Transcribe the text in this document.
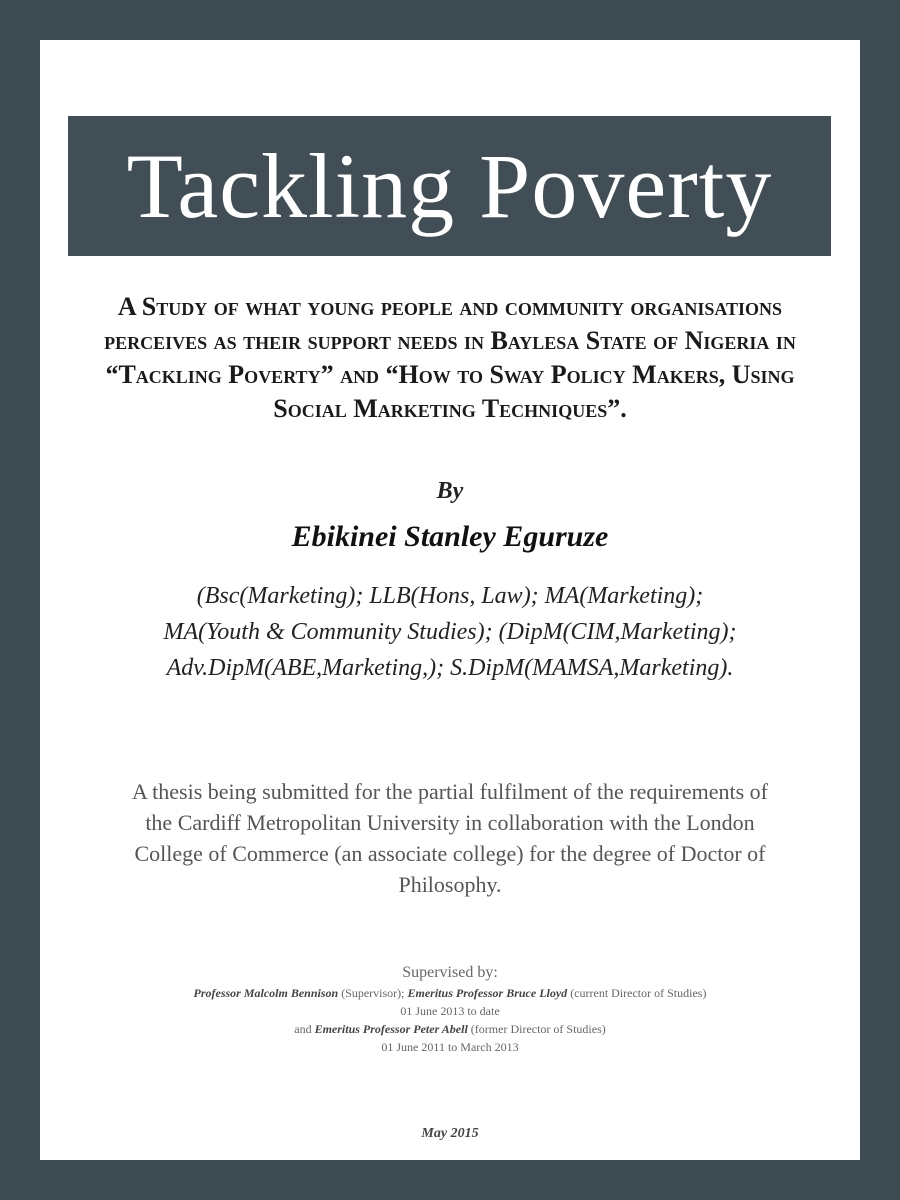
Tackling Poverty
A Study of what young people and community organisations perceives as their support needs in Baylesa State of Nigeria in “Tackling Poverty” and “How to Sway Policy Makers, Using Social Marketing Techniques”.
By
Ebikinei Stanley Eguruze
(Bsc(Marketing); LLB(Hons, Law); MA(Marketing);
MA(Youth & Community Studies); (DipM(CIM,Marketing);
Adv.DipM(ABE,Marketing,); S.DipM(MAMSA,Marketing).
A thesis being submitted for the partial fulfilment of the requirements of the Cardiff Metropolitan University in collaboration with the London College of Commerce (an associate college) for the degree of Doctor of Philosophy.
Supervised by:
Professor Malcolm Bennison (Supervisor); Emeritus Professor Bruce Lloyd (current Director of Studies)
01 June 2013 to date
and Emeritus Professor Peter Abell (former Director of Studies)
01 June 2011 to March 2013
May 2015
